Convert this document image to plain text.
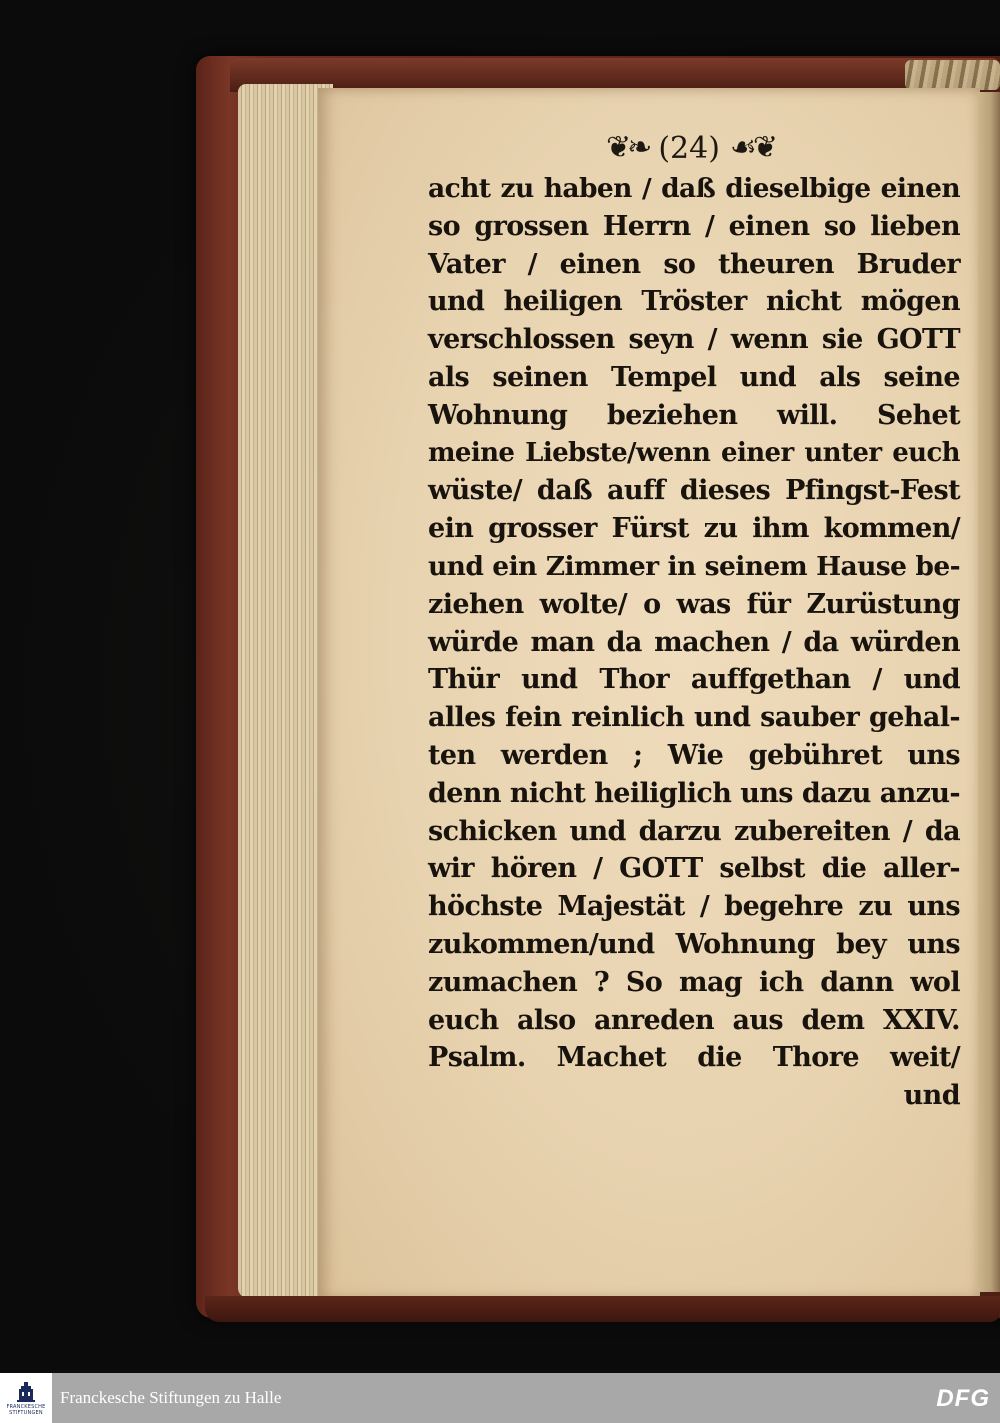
❦❧ (24) ☙❦
acht zu haben / daß dieselbige einen
so grossen Herrn / einen so lieben
Vater / einen so theuren Bruder
und heiligen Tröster nicht mögen
verschlossen seyn / wenn sie GOTT
als seinen Tempel und als seine
Wohnung beziehen will. Sehet
meine Liebste/wenn einer unter euch
wüste/ daß auff dieses Pfingst-Fest
ein grosser Fürst zu ihm kommen/
und ein Zimmer in seinem Hause be-
ziehen wolte/ o was für Zurüstung
würde man da machen / da würden
Thür und Thor auffgethan / und
alles fein reinlich und sauber gehal-
ten werden ; Wie gebühret uns
denn nicht heiliglich uns dazu anzu-
schicken und darzu zubereiten / da
wir hören / GOTT selbst die aller-
höchste Majestät / begehre zu uns
zukommen/und Wohnung bey uns
zumachen ? So mag ich dann wol
euch also anreden aus dem XXIV.
Psalm. Machet die Thore weit/
und
FRANCKESCHE STIFTUNGEN
Franckesche Stiftungen zu Halle	DFG
